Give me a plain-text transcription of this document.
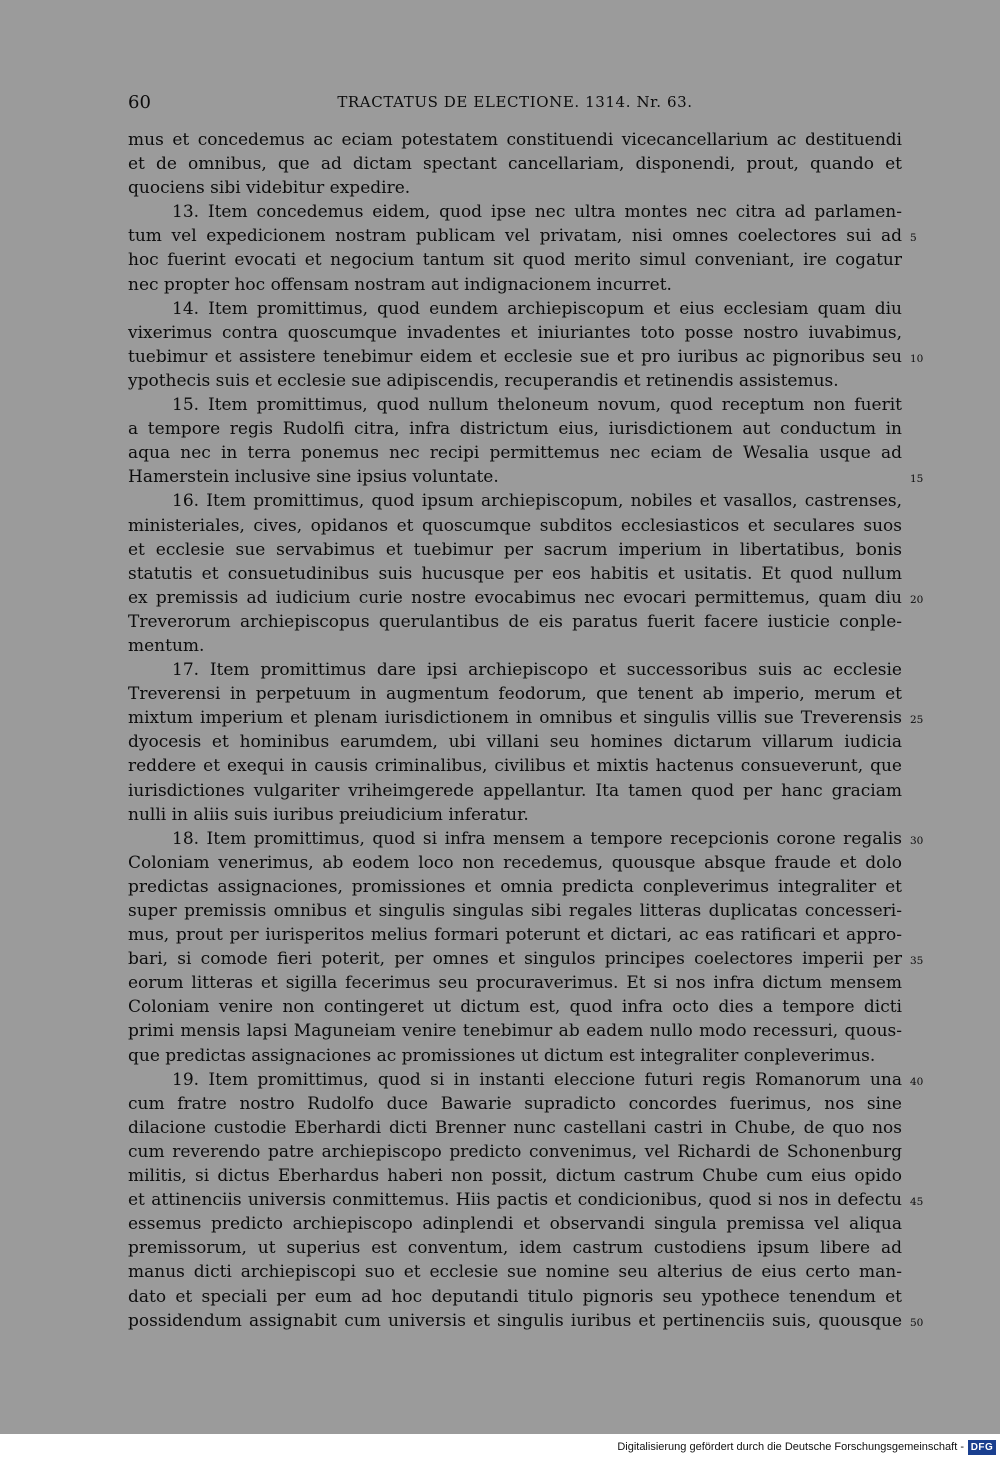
60	TRACTATUS DE ELECTIONE. 1314. Nr. 63.
mus et concedemus ac eciam potestatem constituendi vicecancellarium ac destituendi
et de omnibus, que ad dictam spectant cancellariam, disponendi, prout, quando et
quociens sibi videbitur expedire.
13. Item concedemus eidem, quod ipse nec ultra montes nec citra ad parlamen-
tum vel expedicionem nostram publicam vel privatam, nisi omnes coelectores sui ad 5
hoc fuerint evocati et negocium tantum sit quod merito simul conveniant, ire cogatur
nec propter hoc offensam nostram aut indignacionem incurret.
14. Item promittimus, quod eundem archiepiscopum et eius ecclesiam quam diu
vixerimus contra quoscumque invadentes et iniuriantes toto posse nostro iuvabimus,
tuebimur et assistere tenebimur eidem et ecclesie sue et pro iuribus ac pignoribus seu 10
ypothecis suis et ecclesie sue adipiscendis, recuperandis et retinendis assistemus.
15. Item promittimus, quod nullum theloneum novum, quod receptum non fuerit
a tempore regis Rudolfi citra, infra districtum eius, iurisdictionem aut conductum in
aqua nec in terra ponemus nec recipi permittemus nec eciam de Wesalia usque ad
Hamerstein inclusive sine ipsius voluntate.	15
16. Item promittimus, quod ipsum archiepiscopum, nobiles et vasallos, castrenses,
ministeriales, cives, opidanos et quoscumque subditos ecclesiasticos et seculares suos
et ecclesie sue servabimus et tuebimur per sacrum imperium in libertatibus, bonis
statutis et consuetudinibus suis hucusque per eos habitis et usitatis. Et quod nullum
ex premissis ad iudicium curie nostre evocabimus nec evocari permittemus, quam diu 20
Treverorum archiepiscopus querulantibus de eis paratus fuerit facere iusticie conple-
mentum.
17. Item promittimus dare ipsi archiepiscopo et successoribus suis ac ecclesie
Treverensi in perpetuum in augmentum feodorum, que tenent ab imperio, merum et
mixtum imperium et plenam iurisdictionem in omnibus et singulis villis sue Treverensis 25
dyocesis et hominibus earumdem, ubi villani seu homines dictarum villarum iudicia
reddere et exequi in causis criminalibus, civilibus et mixtis hactenus consueverunt, que
iurisdictiones vulgariter vriheimgerede appellantur. Ita tamen quod per hanc graciam
nulli in aliis suis iuribus preiudicium inferatur.
18. Item promittimus, quod si infra mensem a tempore recepcionis corone regalis 30
Coloniam venerimus, ab eodem loco non recedemus, quousque absque fraude et dolo
predictas assignaciones, promissiones et omnia predicta conpleverimus integraliter et
super premissis omnibus et singulis singulas sibi regales litteras duplicatas concesseri-
mus, prout per iurisperitos melius formari poterunt et dictari, ac eas ratificari et appro-
bari, si comode fieri poterit, per omnes et singulos principes coelectores imperii per 35
eorum litteras et sigilla fecerimus seu procuraverimus. Et si nos infra dictum mensem
Coloniam venire non contingeret ut dictum est, quod infra octo dies a tempore dicti
primi mensis lapsi Maguneiam venire tenebimur ab eadem nullo modo recessuri, quous-
que predictas assignaciones ac promissiones ut dictum est integraliter conpleverimus.
19. Item promittimus, quod si in instanti eleccione futuri regis Romanorum una 40
cum fratre nostro Rudolfo duce Bawarie supradicto concordes fuerimus, nos sine
dilacione custodie Eberhardi dicti Brenner nunc castellani castri in Chube, de quo nos
cum reverendo patre archiepiscopo predicto convenimus, vel Richardi de Schonenburg
militis, si dictus Eberhardus haberi non possit, dictum castrum Chube cum eius opido
et attinenciis universis conmittemus. Hiis pactis et condicionibus, quod si nos in defectu 45
essemus predicto archiepiscopo adinplendi et observandi singula premissa vel aliqua
premissorum, ut superius est conventum, idem castrum custodiens ipsum libere ad
manus dicti archiepiscopi suo et ecclesie sue nomine seu alterius de eius certo man-
dato et speciali per eum ad hoc deputandi titulo pignoris seu ypothece tenendum et
possidendum assignabit cum universis et singulis iuribus et pertinenciis suis, quousque 50
Digitalisierung gefördert durch die Deutsche Forschungsgemeinschaft - DFG
